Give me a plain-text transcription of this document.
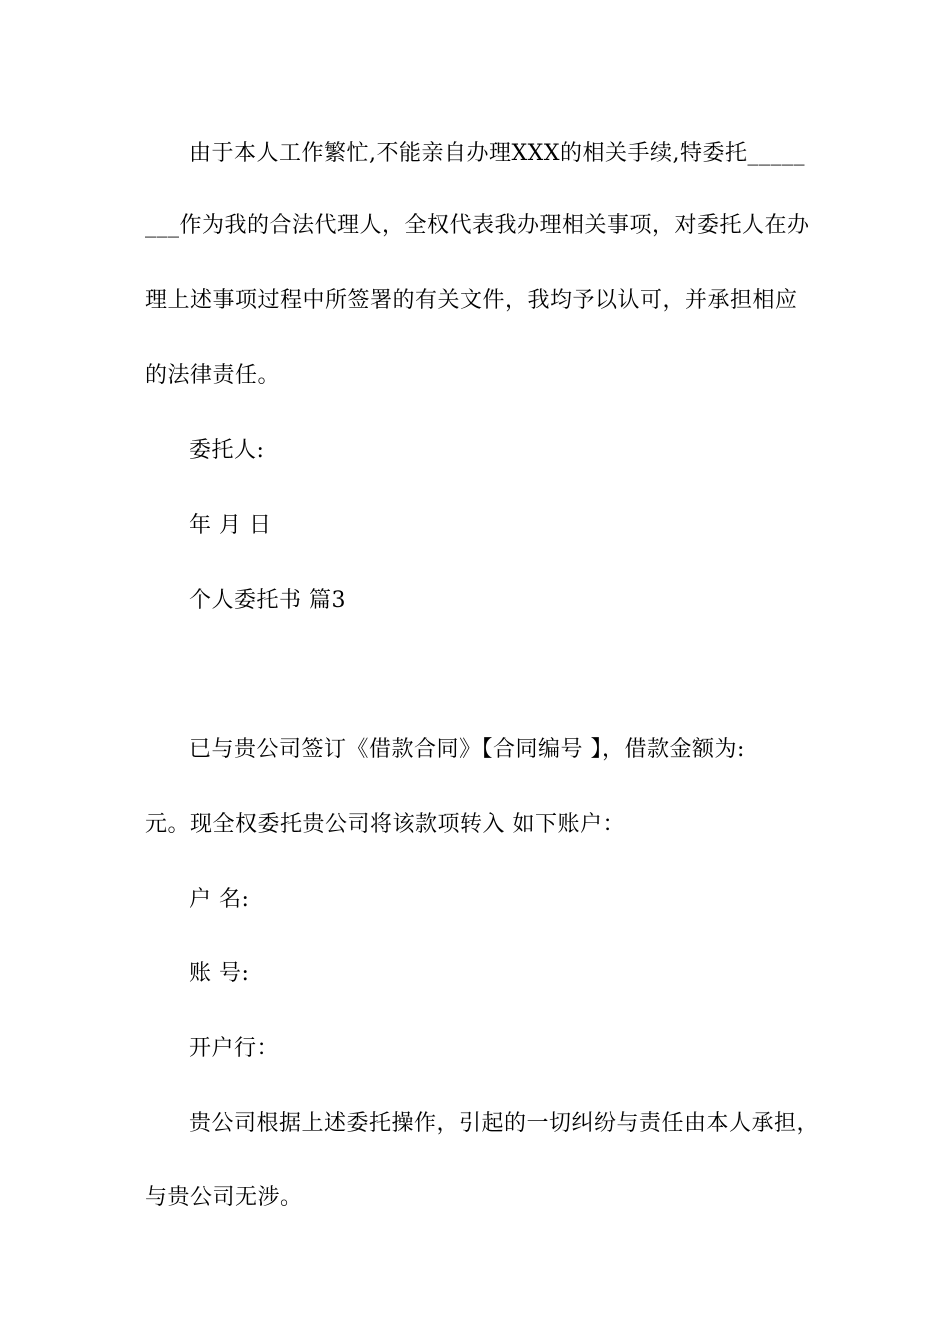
由于本人工作繁忙,不能亲自办理XXX的相关手续,特委托_____
___作为我的合法代理人，全权代表我办理相关事项，对委托人在办
理上述事项过程中所签署的有关文件，我均予以认可，并承担相应
的法律责任。
委托人:
年 月 日
个人委托书 篇3
已与贵公司签订《借款合同》【合同编号 】，借款金额为:
元。现全权委托贵公司将该款项转入 如下账户：
户 名:
账 号:
开户行：
贵公司根据上述委托操作，引起的一切纠纷与责任由本人承担，
与贵公司无涉。
